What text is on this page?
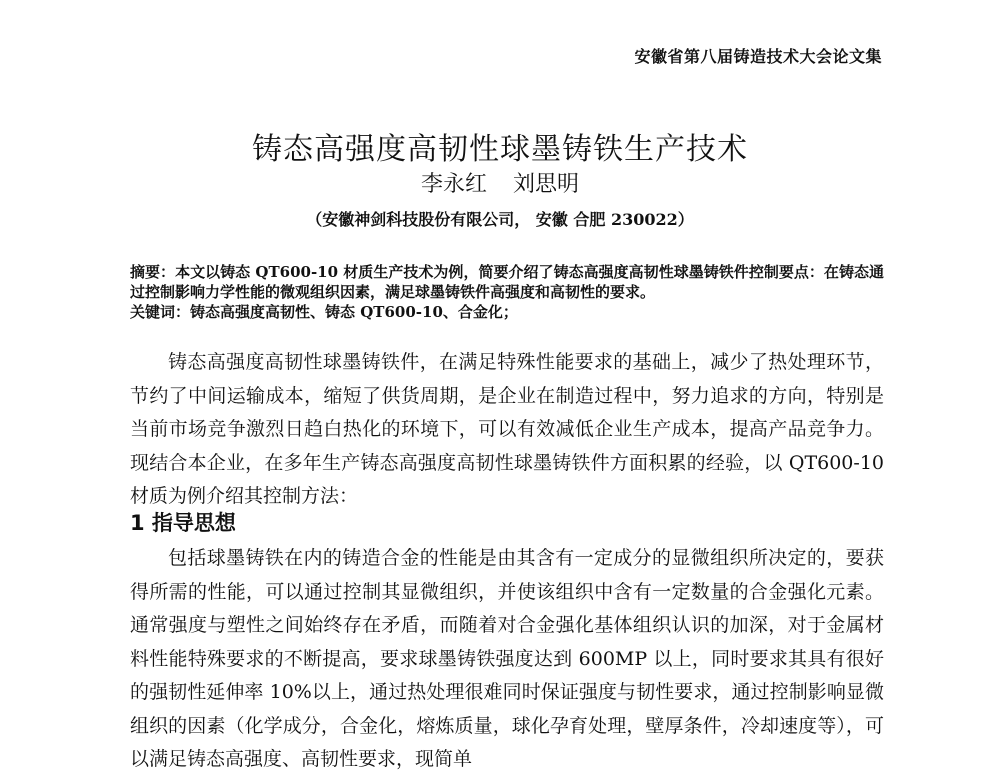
安徽省第八届铸造技术大会论文集
铸态高强度高韧性球墨铸铁生产技术
李永红 刘思明
（安徽神剑科技股份有限公司， 安徽 合肥 230022）

摘要：本文以铸态 QT600-10 材质生产技术为例，简要介绍了铸态高强度高韧性球墨铸铁件控制要点：在铸态通过控制影响力学性能的微观组织因素，满足球墨铸铁件高强度和高韧性的要求。

关键词：铸态高强度高韧性、铸态 QT600-10、合金化；

铸态高强度高韧性球墨铸铁件，在满足特殊性能要求的基础上，减少了热处理环节，节约了中间运输成本，缩短了供货周期，是企业在制造过程中，努力追求的方向，特别是当前市场竞争激烈日趋白热化的环境下，可以有效减低企业生产成本，提高产品竞争力。现结合本企业，在多年生产铸态高强度高韧性球墨铸铁件方面积累的经验，以 QT600-10 材质为例介绍其控制方法：

1 指导思想

包括球墨铸铁在内的铸造合金的性能是由其含有一定成分的显微组织所决定的，要获得所需的性能，可以通过控制其显微组织，并使该组织中含有一定数量的合金强化元素。通常强度与塑性之间始终存在矛盾，而随着对合金强化基体组织认识的加深，对于金属材料性能特殊要求的不断提高，要求球墨铸铁强度达到 600MP 以上，同时要求其具有很好的强韧性延伸率 10%以上，通过热处理很难同时保证强度与韧性要求，通过控制影响显微组织的因素（化学成分，合金化，熔炼质量，球化孕育处理，壁厚条件，冷却速度等），可以满足铸态高强度、高韧性要求，现简单
